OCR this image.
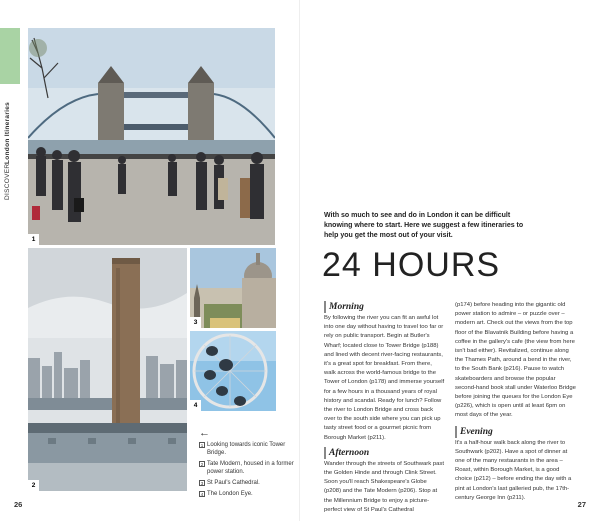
DISCOVERLondon Itineraries
1
2
3
4
←
1 Looking towards iconic Tower Bridge.
2 Tate Modern, housed in a former power station.
3 St Paul's Cathedral.
4 The London Eye.
26

With so much to see and do in London it can be difficult knowing where to start. Here we suggest a few itineraries to help you get the most out of your visit.

24 HOURS
Morning

By following the river you can fit an awful lot into one day without having to travel too far or rely on public transport. Begin at Butler's Wharf; located close to Tower Bridge (p188) and lined with decent river-facing restaurants, it's a great spot for breakfast. From there, walk across the world-famous bridge to the Tower of London (p178) and immerse yourself for a few hours in a thousand years of royal history and scandal. Ready for lunch? Follow the river to London Bridge and cross back over to the south side where you can pick up tasty street food or a gourmet picnic from Borough Market (p211).

Afternoon

Wander through the streets of Southwark past the Golden Hinde and through Clink Street. Soon you'll reach Shakespeare's Globe (p208) and the Tate Modern (p206). Stop at the Millennium Bridge to enjoy a picture-perfect view of St Paul's Cathedral

(p174) before heading into the gigantic old power station to admire – or puzzle over – modern art. Check out the views from the top floor of the Blavatnik Building before having a coffee in the gallery's cafe (the view from here isn't bad either). Revitalized, continue along the Thames Path, around a bend in the river, to the South Bank (p216). Pause to watch skateboarders and browse the popular second-hand book stall under Waterloo Bridge before joining the queues for the London Eye (p226), which is open until at least 6pm on most days of the year.

Evening

It's a half-hour walk back along the river to Southwark (p202). Have a spot of dinner at one of the many restaurants in the area – Roast, within Borough Market, is a good choice (p212) – before ending the day with a pint at London's last galleried pub, the 17th-century George Inn (p211).

27
